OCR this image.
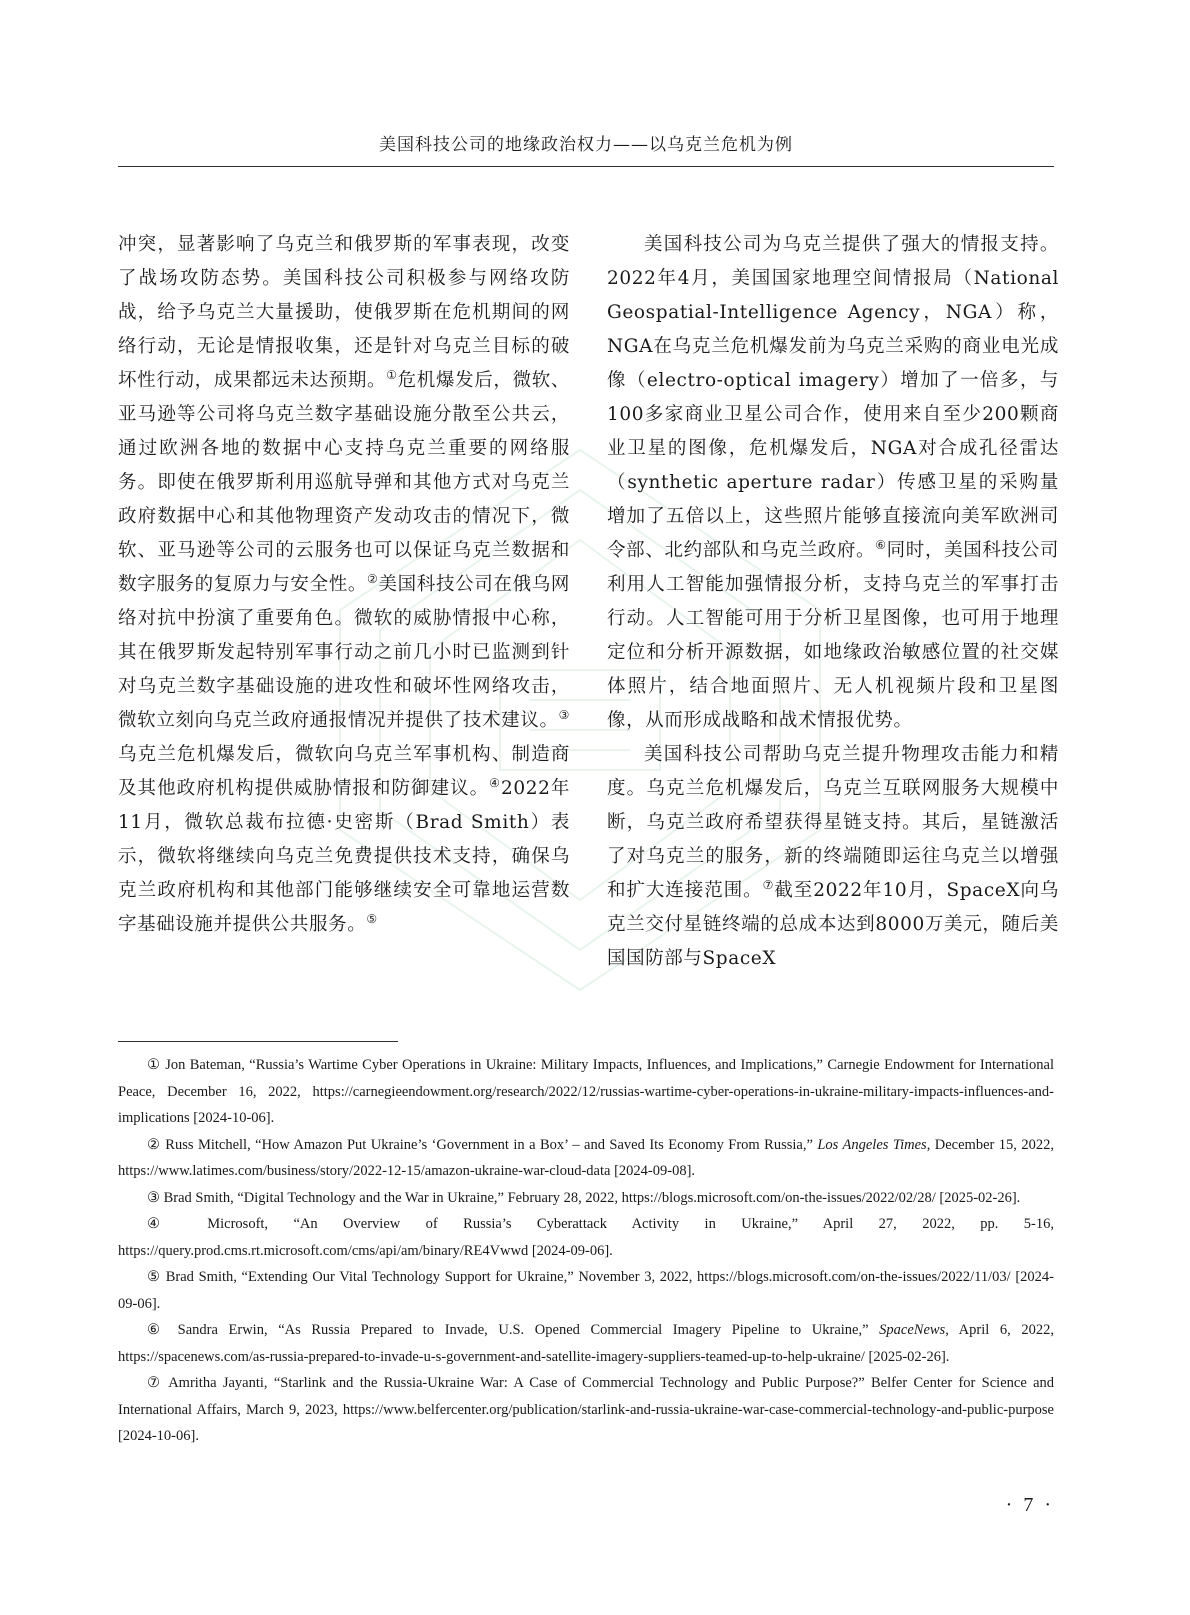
美国科技公司的地缘政治权力——以乌克兰危机为例

冲突，显著影响了乌克兰和俄罗斯的军事表现，改变了战场攻防态势。美国科技公司积极参与网络攻防战，给予乌克兰大量援助，使俄罗斯在危机期间的网络行动，无论是情报收集，还是针对乌克兰目标的破坏性行动，成果都远未达预期。①危机爆发后，微软、亚马逊等公司将乌克兰数字基础设施分散至公共云，通过欧洲各地的数据中心支持乌克兰重要的网络服务。即使在俄罗斯利用巡航导弹和其他方式对乌克兰政府数据中心和其他物理资产发动攻击的情况下，微软、亚马逊等公司的云服务也可以保证乌克兰数据和数字服务的复原力与安全性。②美国科技公司在俄乌网络对抗中扮演了重要角色。微软的威胁情报中心称，其在俄罗斯发起特别军事行动之前几小时已监测到针对乌克兰数字基础设施的进攻性和破坏性网络攻击，微软立刻向乌克兰政府通报情况并提供了技术建议。③乌克兰危机爆发后，微软向乌克兰军事机构、制造商及其他政府机构提供威胁情报和防御建议。④2022年11月，微软总裁布拉德·史密斯（Brad Smith）表示，微软将继续向乌克兰免费提供技术支持，确保乌克兰政府机构和其他部门能够继续安全可靠地运营数字基础设施并提供公共服务。⑤

美国科技公司为乌克兰提供了强大的情报支持。2022年4月，美国国家地理空间情报局（National Geospatial-Intelligence Agency，NGA）称，NGA在乌克兰危机爆发前为乌克兰采购的商业电光成像（electro-optical imagery）增加了一倍多，与100多家商业卫星公司合作，使用来自至少200颗商业卫星的图像，危机爆发后，NGA对合成孔径雷达（synthetic aperture radar）传感卫星的采购量增加了五倍以上，这些照片能够直接流向美军欧洲司令部、北约部队和乌克兰政府。⑥同时，美国科技公司利用人工智能加强情报分析，支持乌克兰的军事打击行动。人工智能可用于分析卫星图像，也可用于地理定位和分析开源数据，如地缘政治敏感位置的社交媒体照片，结合地面照片、无人机视频片段和卫星图像，从而形成战略和战术情报优势。

美国科技公司帮助乌克兰提升物理攻击能力和精度。乌克兰危机爆发后，乌克兰互联网服务大规模中断，乌克兰政府希望获得星链支持。其后，星链激活了对乌克兰的服务，新的终端随即运往乌克兰以增强和扩大连接范围。⑦截至2022年10月，SpaceX向乌克兰交付星链终端的总成本达到8000万美元，随后美国国防部与SpaceX

① Jon Bateman, “Russia’s Wartime Cyber Operations in Ukraine: Military Impacts, Influences, and Implications,” Carnegie Endowment for International Peace, December 16, 2022, https://carnegieendowment.org/research/2022/12/russias-wartime-cyber-operations-in-ukraine-military-impacts-influences-and-implications [2024-10-06].

② Russ Mitchell, “How Amazon Put Ukraine’s ‘Government in a Box’ – and Saved Its Economy From Russia,” Los Angeles Times, December 15, 2022, https://www.latimes.com/business/story/2022-12-15/amazon-ukraine-war-cloud-data [2024-09-08].

③ Brad Smith, “Digital Technology and the War in Ukraine,” February 28, 2022, https://blogs.microsoft.com/on-the-issues/2022/02/28/ [2025-02-26].

④ Microsoft, “An Overview of Russia’s Cyberattack Activity in Ukraine,” April 27, 2022, pp. 5-16, https://query.prod.cms.rt.microsoft.com/cms/api/am/binary/RE4Vwwd [2024-09-06].

⑤ Brad Smith, “Extending Our Vital Technology Support for Ukraine,” November 3, 2022, https://blogs.microsoft.com/on-the-issues/2022/11/03/ [2024-09-06].

⑥ Sandra Erwin, “As Russia Prepared to Invade, U.S. Opened Commercial Imagery Pipeline to Ukraine,” SpaceNews, April 6, 2022, https://spacenews.com/as-russia-prepared-to-invade-u-s-government-and-satellite-imagery-suppliers-teamed-up-to-help-ukraine/ [2025-02-26].

⑦ Amritha Jayanti, “Starlink and the Russia-Ukraine War: A Case of Commercial Technology and Public Purpose?” Belfer Center for Science and International Affairs, March 9, 2023, https://www.belfercenter.org/publication/starlink-and-russia-ukraine-war-case-commercial-technology-and-public-purpose [2024-10-06].

· 7 ·
